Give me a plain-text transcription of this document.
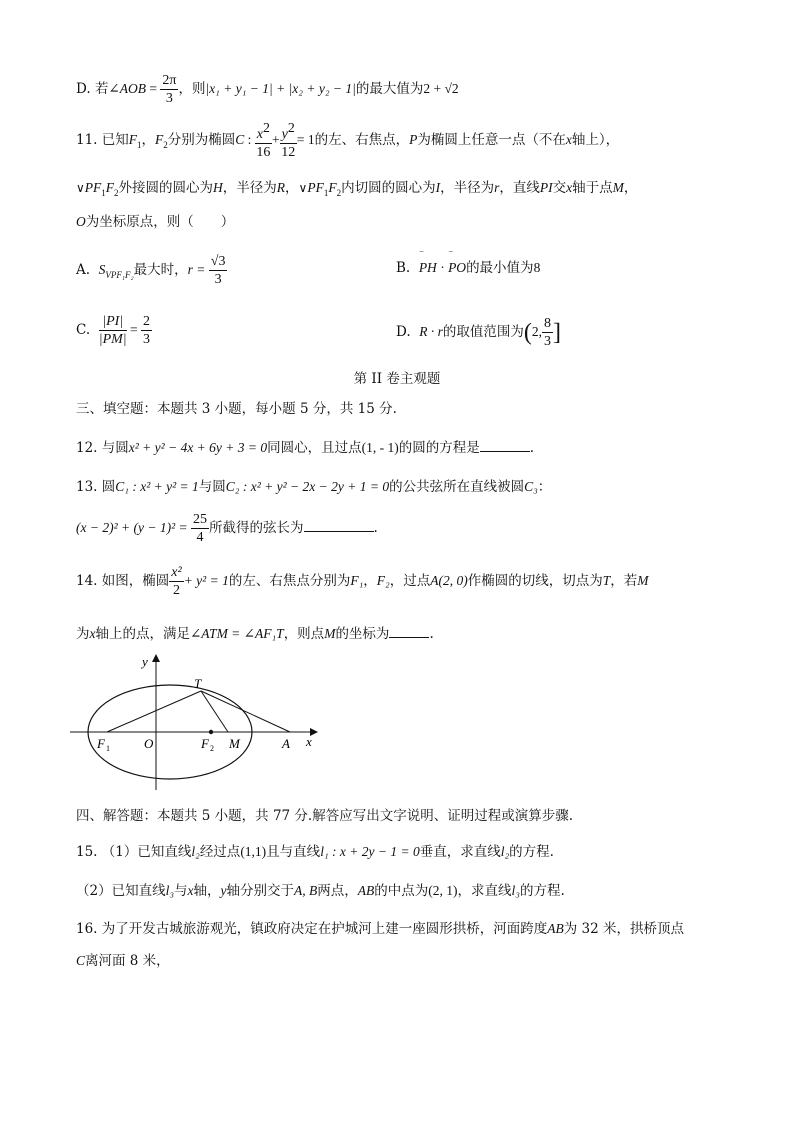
D. 若∠AOB = $\frac{2\pi}{3}$ ，则|x₁ + y₁ − 1| + |x₂ + y₂ − 1|的最大值为2 + √2
11. 已知$F_1$，$F_2$分别为椭圆C : $\frac{x2}{16} + \frac{y2}{12} = 1$的左、右焦点，P为椭圆上任意一点（不在x轴上），
$\vee PF_1F_2$外接圆的圆心为H，半径为R，$\vee PF_1F_2$内切圆的圆心为I，半径为r，直线PI交x轴于点M，
O为坐标原点，则（　　）
A. $S_{VPF_1F_2}$最大时，$r = \frac{√3}{3}$	B.  ‾ PH · ‾ PO的最小值为8
C. $\frac{|PI|}{|PM|} = \frac{2}{3}$	D. R · r的取值范围为(2, $\frac{8}{3}$ ]
第 II 卷主观题
三、填空题：本题共 3 小题，每小题 5 分，共 15 分.
12. 与圆x² + y² − 4x + 6y + 3 = 0同圆心，且过点(1, - 1)的圆的方程是	.
13. 圆C₁ : x² + y² = 1与圆C₂ : x² + y² − 2x − 2y + 1 = 0的公共弦所在直线被圆C₃：
$(x - 2)^2 + (y - 1)^2 = \frac{25}{4}$ 所截得的弦长为	.
14. 如图，椭圆 $\frac{\text{x²}}{2} + y^2 = 1$的左、右焦点分别为F₁，F₂，过点A(2, 0)作椭圆的切线，切点为T，若M
为x轴上的点，满足∠ATM = ∠AF₁T，则点M的坐标为	.
y
T
F 1	O	F 2 M	A x
四、解答题：本题共 5 小题，共 77 分.解答应写出文字说明、证明过程或演算步骤.
15. （1）已知直线l₂经过点(1,1)且与直线l₁ : x + 2y − 1 = 0垂直，求直线l₂的方程.
（2）已知直线l₃与x轴，y轴分别交于A, B两点，AB的中点为(2, 1)，求直线l₃的方程.
16. 为了开发古城旅游观光，镇政府决定在护城河上建一座圆形拱桥，河面跨度AB为 32 米，拱桥顶点
C离河面 8 米，
